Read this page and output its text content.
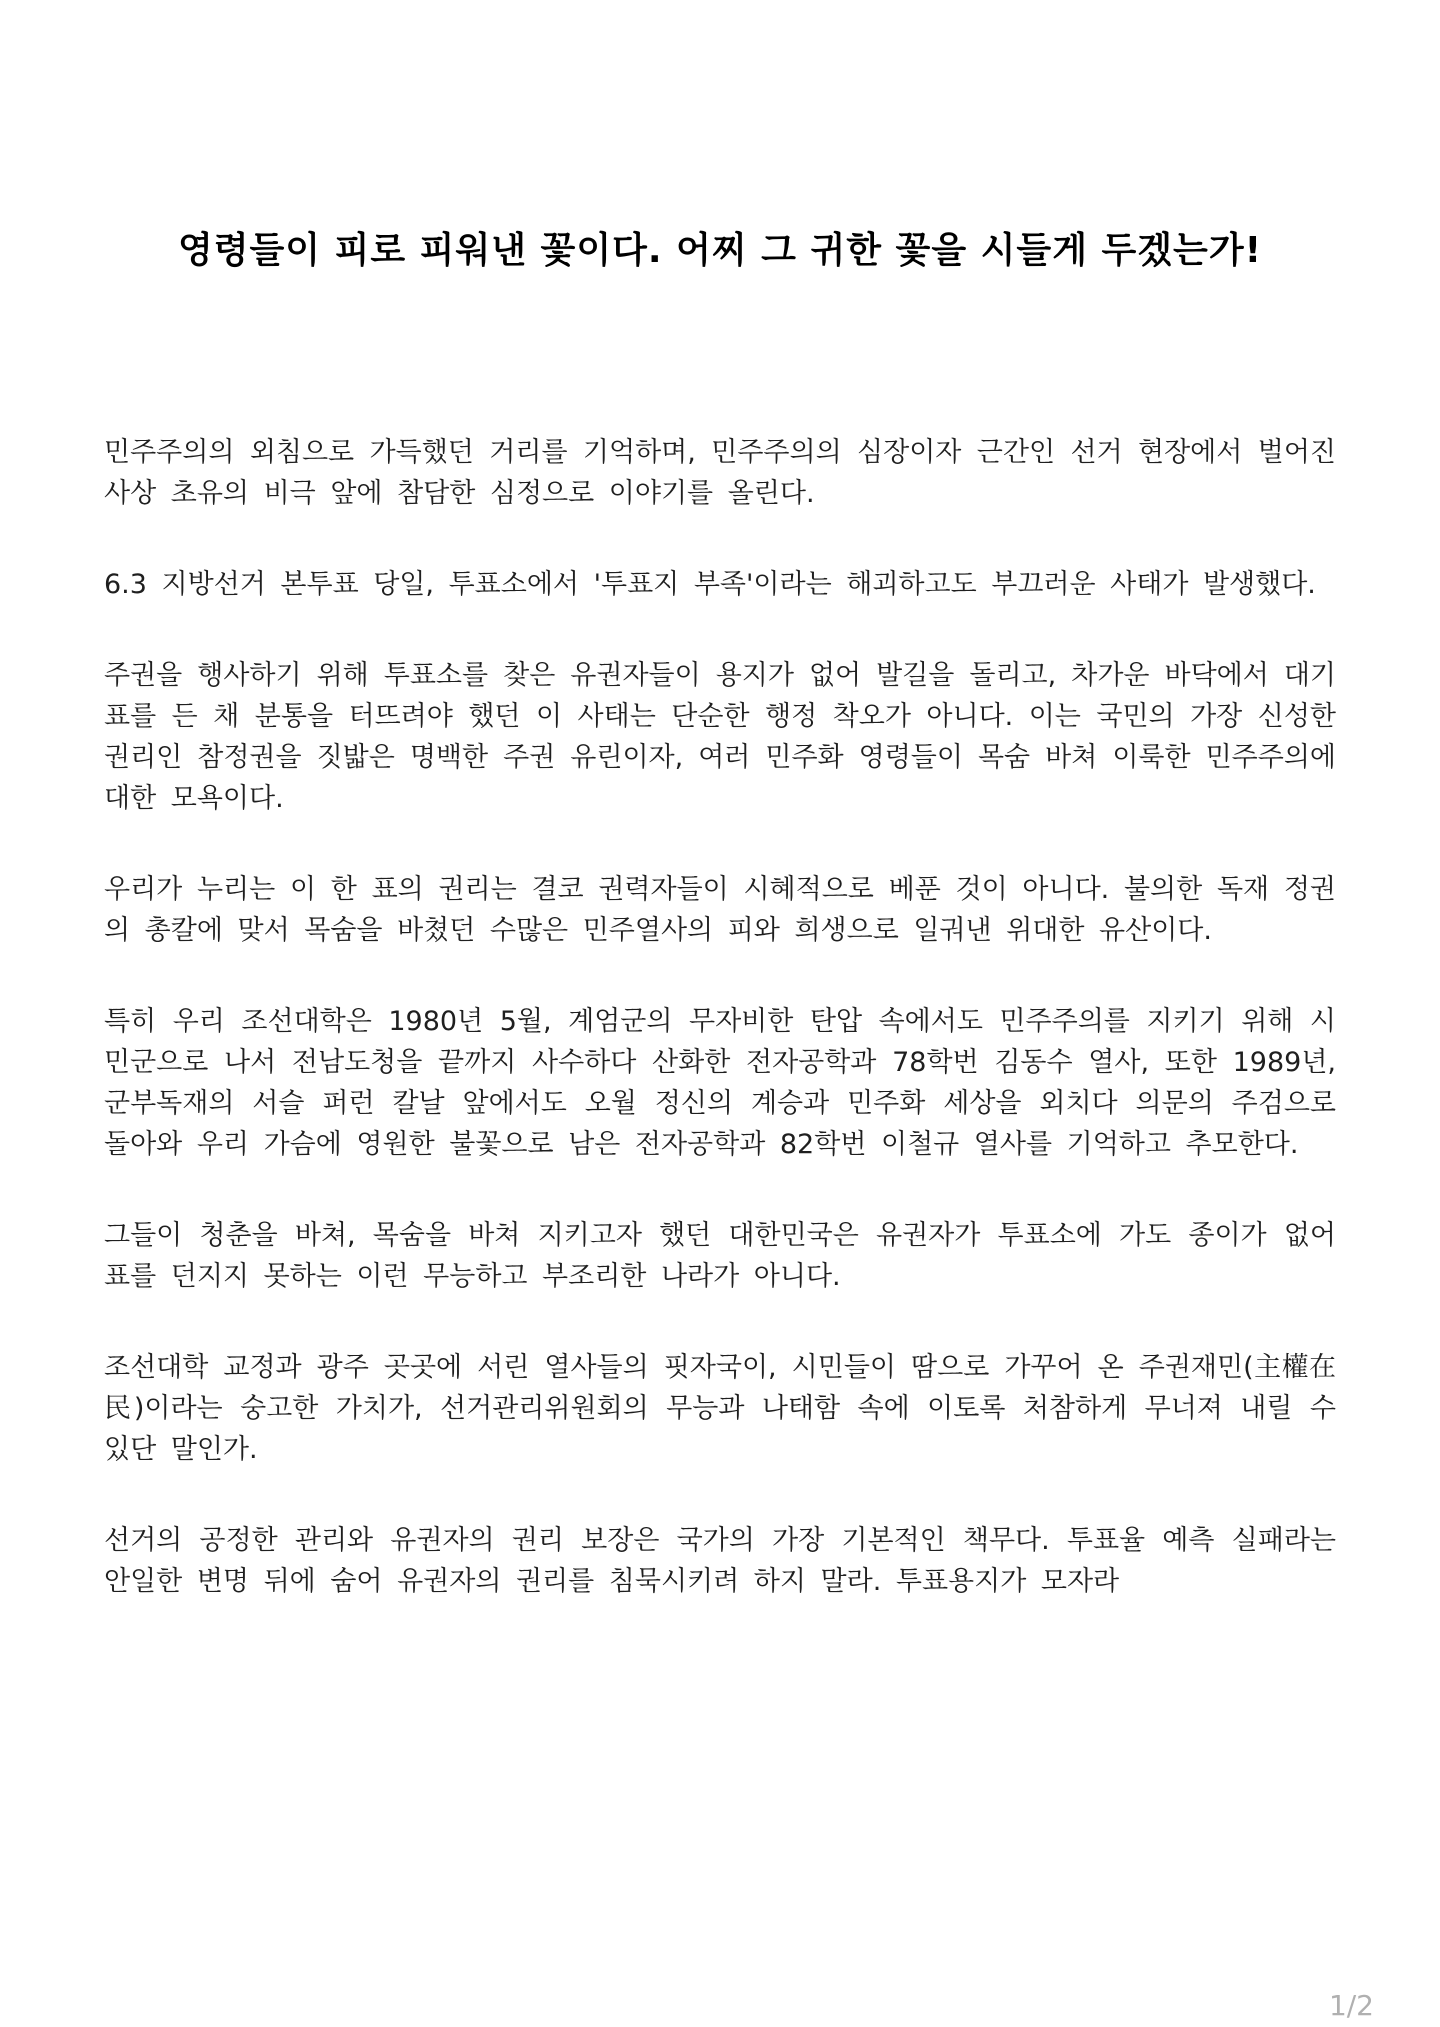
영령들이 피로 피워낸 꽃이다. 어찌 그 귀한 꽃을 시들게 두겠는가!

민주주의의 외침으로 가득했던 거리를 기억하며, 민주주의의 심장이자 근간인 선거 현장에서 벌어진 사상 초유의 비극 앞에 참담한 심정으로 이야기를 올린다.

6.3 지방선거 본투표 당일, 투표소에서 '투표지 부족'이라는 해괴하고도 부끄러운 사태가 발생했다.

주권을 행사하기 위해 투표소를 찾은 유권자들이 용지가 없어 발길을 돌리고, 차가운 바닥에서 대기표를 든 채 분통을 터뜨려야 했던 이 사태는 단순한 행정 착오가 아니다. 이는 국민의 가장 신성한 권리인 참정권을 짓밟은 명백한 주권 유린이자, 여러 민주화 영령들이 목숨 바쳐 이룩한 민주주의에 대한 모욕이다.

우리가 누리는 이 한 표의 권리는 결코 권력자들이 시혜적으로 베푼 것이 아니다. 불의한 독재 정권의 총칼에 맞서 목숨을 바쳤던 수많은 민주열사의 피와 희생으로 일궈낸 위대한 유산이다.

특히 우리 조선대학은 1980년 5월, 계엄군의 무자비한 탄압 속에서도 민주주의를 지키기 위해 시민군으로 나서 전남도청을 끝까지 사수하다 산화한 전자공학과 78학번 김동수 열사, 또한 1989년, 군부독재의 서슬 퍼런 칼날 앞에서도 오월 정신의 계승과 민주화 세상을 외치다 의문의 주검으로 돌아와 우리 가슴에 영원한 불꽃으로 남은 전자공학과 82학번 이철규 열사를 기억하고 추모한다.

그들이 청춘을 바쳐, 목숨을 바쳐 지키고자 했던 대한민국은 유권자가 투표소에 가도 종이가 없어 표를 던지지 못하는 이런 무능하고 부조리한 나라가 아니다.

조선대학 교정과 광주 곳곳에 서린 열사들의 핏자국이, 시민들이 땀으로 가꾸어 온 주권재민(主權在民)이라는 숭고한 가치가, 선거관리위원회의 무능과 나태함 속에 이토록 처참하게 무너져 내릴 수 있단 말인가.

선거의 공정한 관리와 유권자의 권리 보장은 국가의 가장 기본적인 책무다. 투표율 예측 실패라는 안일한 변명 뒤에 숨어 유권자의 권리를 침묵시키려 하지 말라. 투표용지가 모자라

1/2
